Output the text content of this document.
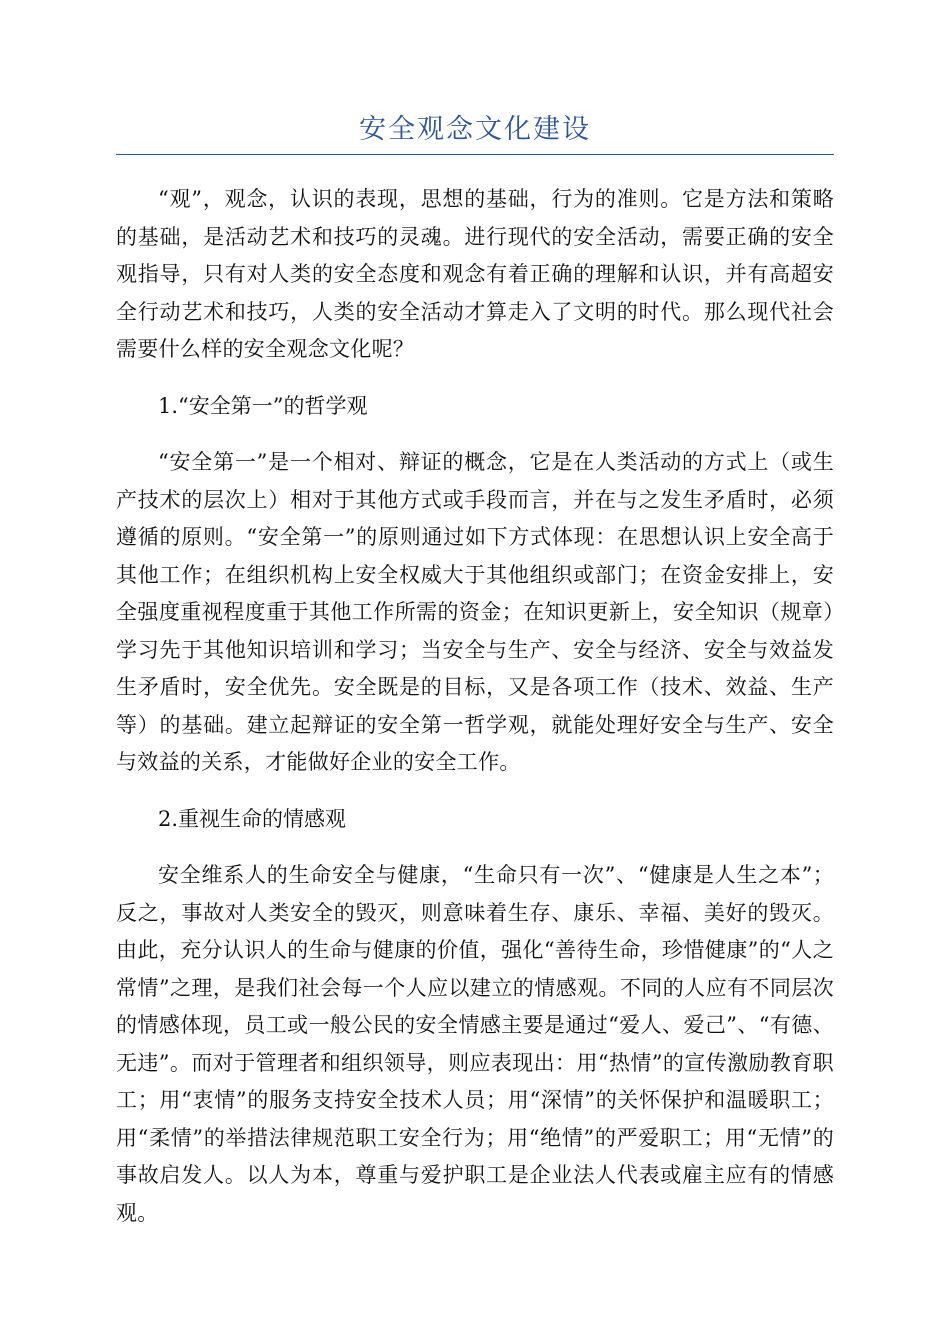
安全观念文化建设

“观”，观念，认识的表现，思想的基础，行为的准则。它是方法和策略的基础，是活动艺术和技巧的灵魂。进行现代的安全活动，需要正确的安全观指导，只有对人类的安全态度和观念有着正确的理解和认识，并有高超安全行动艺术和技巧，人类的安全活动才算走入了文明的时代。那么现代社会需要什么样的安全观念文化呢？

1.“安全第一”的哲学观

“安全第一”是一个相对、辩证的概念，它是在人类活动的方式上（或生产技术的层次上）相对于其他方式或手段而言，并在与之发生矛盾时，必须遵循的原则。“安全第一”的原则通过如下方式体现：在思想认识上安全高于其他工作；在组织机构上安全权威大于其他组织或部门；在资金安排上，安全强度重视程度重于其他工作所需的资金；在知识更新上，安全知识（规章）学习先于其他知识培训和学习；当安全与生产、安全与经济、安全与效益发生矛盾时，安全优先。安全既是的目标，又是各项工作（技术、效益、生产等）的基础。建立起辩证的安全第一哲学观，就能处理好安全与生产、安全与效益的关系，才能做好企业的安全工作。

2.重视生命的情感观

安全维系人的生命安全与健康，“生命只有一次”、“健康是人生之本”；反之，事故对人类安全的毁灭，则意味着生存、康乐、幸福、美好的毁灭。由此，充分认识人的生命与健康的价值，强化“善待生命，珍惜健康”的“人之常情”之理，是我们社会每一个人应以建立的情感观。不同的人应有不同层次的情感体现，员工或一般公民的安全情感主要是通过“爱人、爱己”、“有德、无违”。而对于管理者和组织领导，则应表现出：用“热情”的宣传激励教育职工；用“衷情”的服务支持安全技术人员；用“深情”的关怀保护和温暖职工；用“柔情”的举措法律规范职工安全行为；用“绝情”的严爱职工；用“无情”的事故启发人。以人为本，尊重与爱护职工是企业法人代表或雇主应有的情感观。
